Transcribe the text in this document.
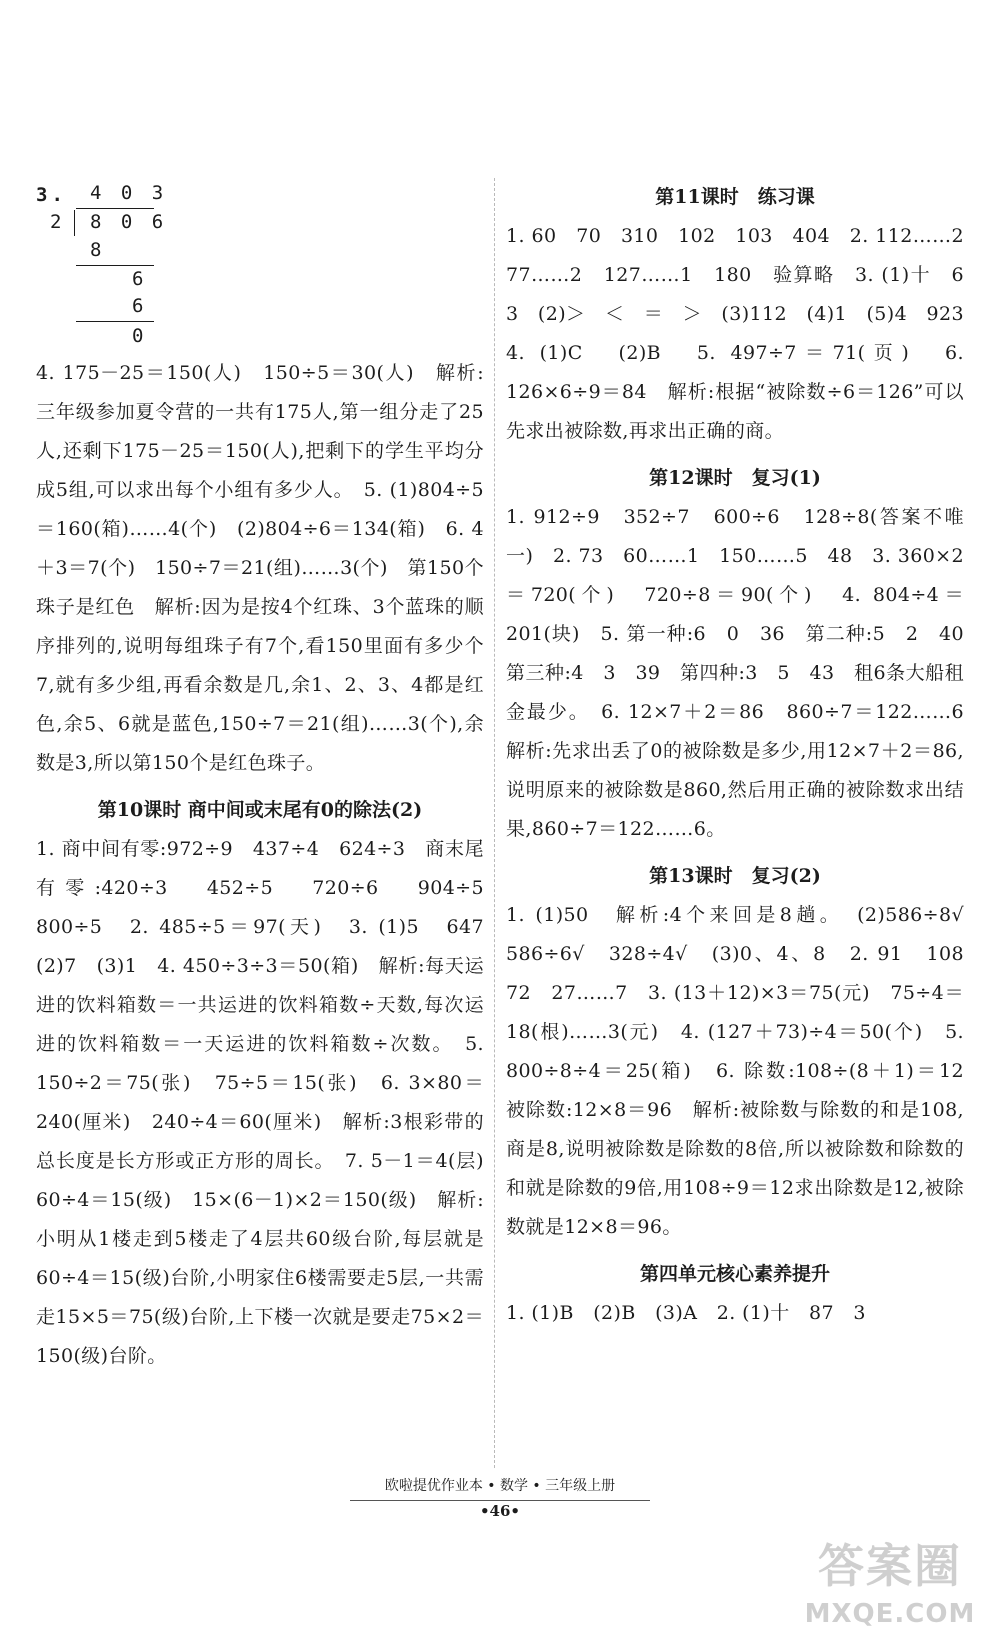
3. 4 0 3
2 8 0 6
8
6
6
0

4. 175－25＝150(人)　150÷5＝30(人)　解析:三年级参加夏令营的一共有175人,第一组分走了25人,还剩下175－25＝150(人),把剩下的学生平均分成5组,可以求出每个小组有多少人。　5. (1)804÷5＝160(箱)……4(个)　(2)804÷6＝134(箱)　6. 4＋3＝7(个)　150÷7＝21(组)……3(个)　第150个珠子是红色　解析:因为是按4个红珠、3个蓝珠的顺序排列的,说明每组珠子有7个,看150里面有多少个7,就有多少组,再看余数是几,余1、2、3、4都是红色,余5、6就是蓝色,150÷7＝21(组)……3(个),余数是3,所以第150个是红色珠子。

第10课时 商中间或末尾有0的除法(2)

1. 商中间有零:972÷9　437÷4　624÷3　商末尾有零:420÷3　452÷5　720÷6　904÷5　800÷5　2. 485÷5＝97(天)　3. (1)5　647　(2)7　(3)1　4. 450÷3÷3＝50(箱)　解析:每天运进的饮料箱数＝一共运进的饮料箱数÷天数,每次运进的饮料箱数＝一天运进的饮料箱数÷次数。　5. 150÷2＝75(张)　75÷5＝15(张)　6. 3×80＝240(厘米)　240÷4＝60(厘米)　解析:3根彩带的总长度是长方形或正方形的周长。　7. 5－1＝4(层)　60÷4＝15(级)　15×(6－1)×2＝150(级)　解析:小明从1楼走到5楼走了4层共60级台阶,每层就是60÷4＝15(级)台阶,小明家住6楼需要走5层,一共需走15×5＝75(级)台阶,上下楼一次就是要走75×2＝150(级)台阶。

第11课时　练习课

1. 60　70　310　102　103　404　2. 112……2　77……2　127……1　180　验算略　3. (1)十　6　3　(2)＞　＜　＝　＞　(3)112　(4)1　(5)4　923　4. (1)C　(2)B　5. 497÷7＝71(页)　6. 126×6÷9＝84　解析:根据“被除数÷6＝126”可以先求出被除数,再求出正确的商。

第12课时　复习(1)

1. 912÷9　352÷7　600÷6　128÷8(答案不唯一)　2. 73　60……1　150……5　48　3. 360×2＝720(个)　720÷8＝90(个)　4. 804÷4＝201(块)　5. 第一种:6　0　36　第二种:5　2　40　第三种:4　3　39　第四种:3　5　43　租6条大船租金最少。　6. 12×7＋2＝86　860÷7＝122……6　解析:先求出丢了0的被除数是多少,用12×7＋2＝86,说明原来的被除数是860,然后用正确的被除数求出结果,860÷7＝122……6。

第13课时　复习(2)

1. (1)50　解析:4个来回是8趟。　(2)586÷8√　586÷6√　328÷4√　(3)0、4、8　2. 91　108　72　27……7　3. (13＋12)×3＝75(元)　75÷4＝18(根)……3(元)　4. (127＋73)÷4＝50(个)　5. 800÷8÷4＝25(箱)　6. 除数:108÷(8＋1)＝12　被除数:12×8＝96　解析:被除数与除数的和是108,商是8,说明被除数是除数的8倍,所以被除数和除数的和就是除数的9倍,用108÷9＝12求出除数是12,被除数就是12×8＝96。

第四单元核心素养提升

1. (1)B　(2)B　(3)A　2. (1)十　87　3

欧啦提优作业本 • 数学 • 三年级上册
•46•
答案圈
MXQE.COM
